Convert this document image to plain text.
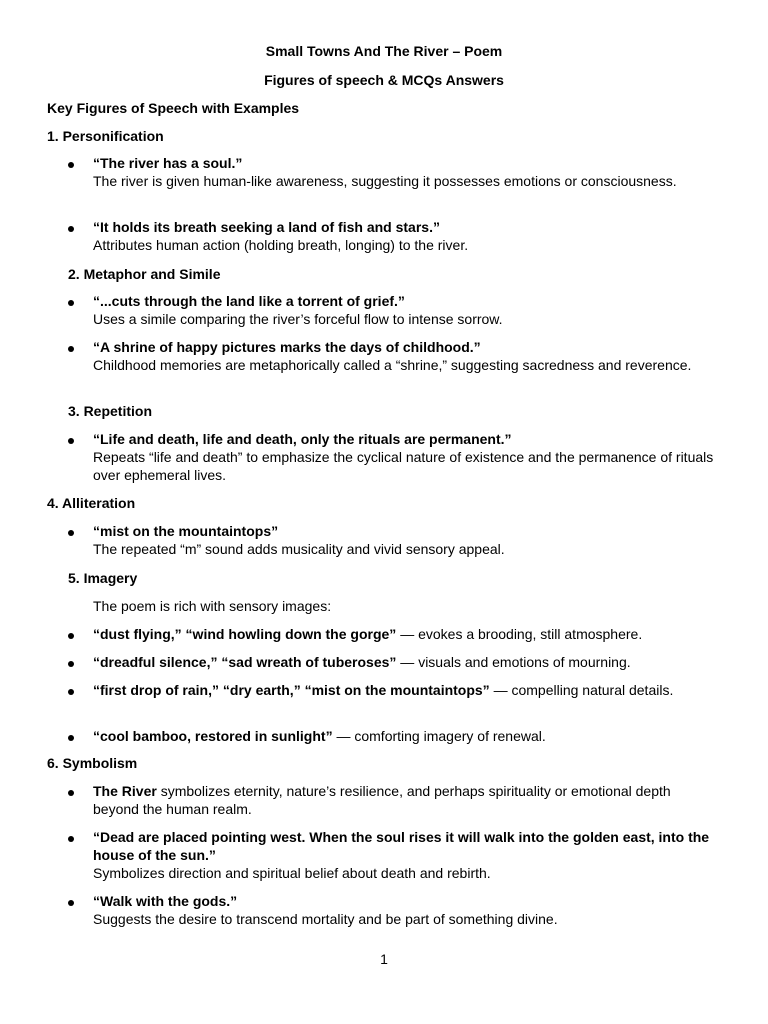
Small Towns And The River – Poem
Figures of speech & MCQs Answers
Key Figures of Speech with Examples
1. Personification
“The river has a soul.”
The river is given human-like awareness, suggesting it possesses emotions or consciousness.
“It holds its breath seeking a land of fish and stars.”
Attributes human action (holding breath, longing) to the river.
2. Metaphor and Simile
“...cuts through the land like a torrent of grief.”
Uses a simile comparing the river’s forceful flow to intense sorrow.
“A shrine of happy pictures marks the days of childhood.”
Childhood memories are metaphorically called a “shrine,” suggesting sacredness and reverence.
3. Repetition
“Life and death, life and death, only the rituals are permanent.”
Repeats “life and death” to emphasize the cyclical nature of existence and the permanence of rituals over ephemeral lives.
4. Alliteration
“mist on the mountaintops”
The repeated “m” sound adds musicality and vivid sensory appeal.
5. Imagery
The poem is rich with sensory images:
“dust flying,” “wind howling down the gorge” — evokes a brooding, still atmosphere.
“dreadful silence,” “sad wreath of tuberoses” — visuals and emotions of mourning.
“first drop of rain,” “dry earth,” “mist on the mountaintops” — compelling natural details.
“cool bamboo, restored in sunlight” — comforting imagery of renewal.
6. Symbolism
The River symbolizes eternity, nature’s resilience, and perhaps spirituality or emotional depth beyond the human realm.
“Dead are placed pointing west. When the soul rises it will walk into the golden east, into the house of the sun.”
Symbolizes direction and spiritual belief about death and rebirth.
“Walk with the gods.”
Suggests the desire to transcend mortality and be part of something divine.
1
